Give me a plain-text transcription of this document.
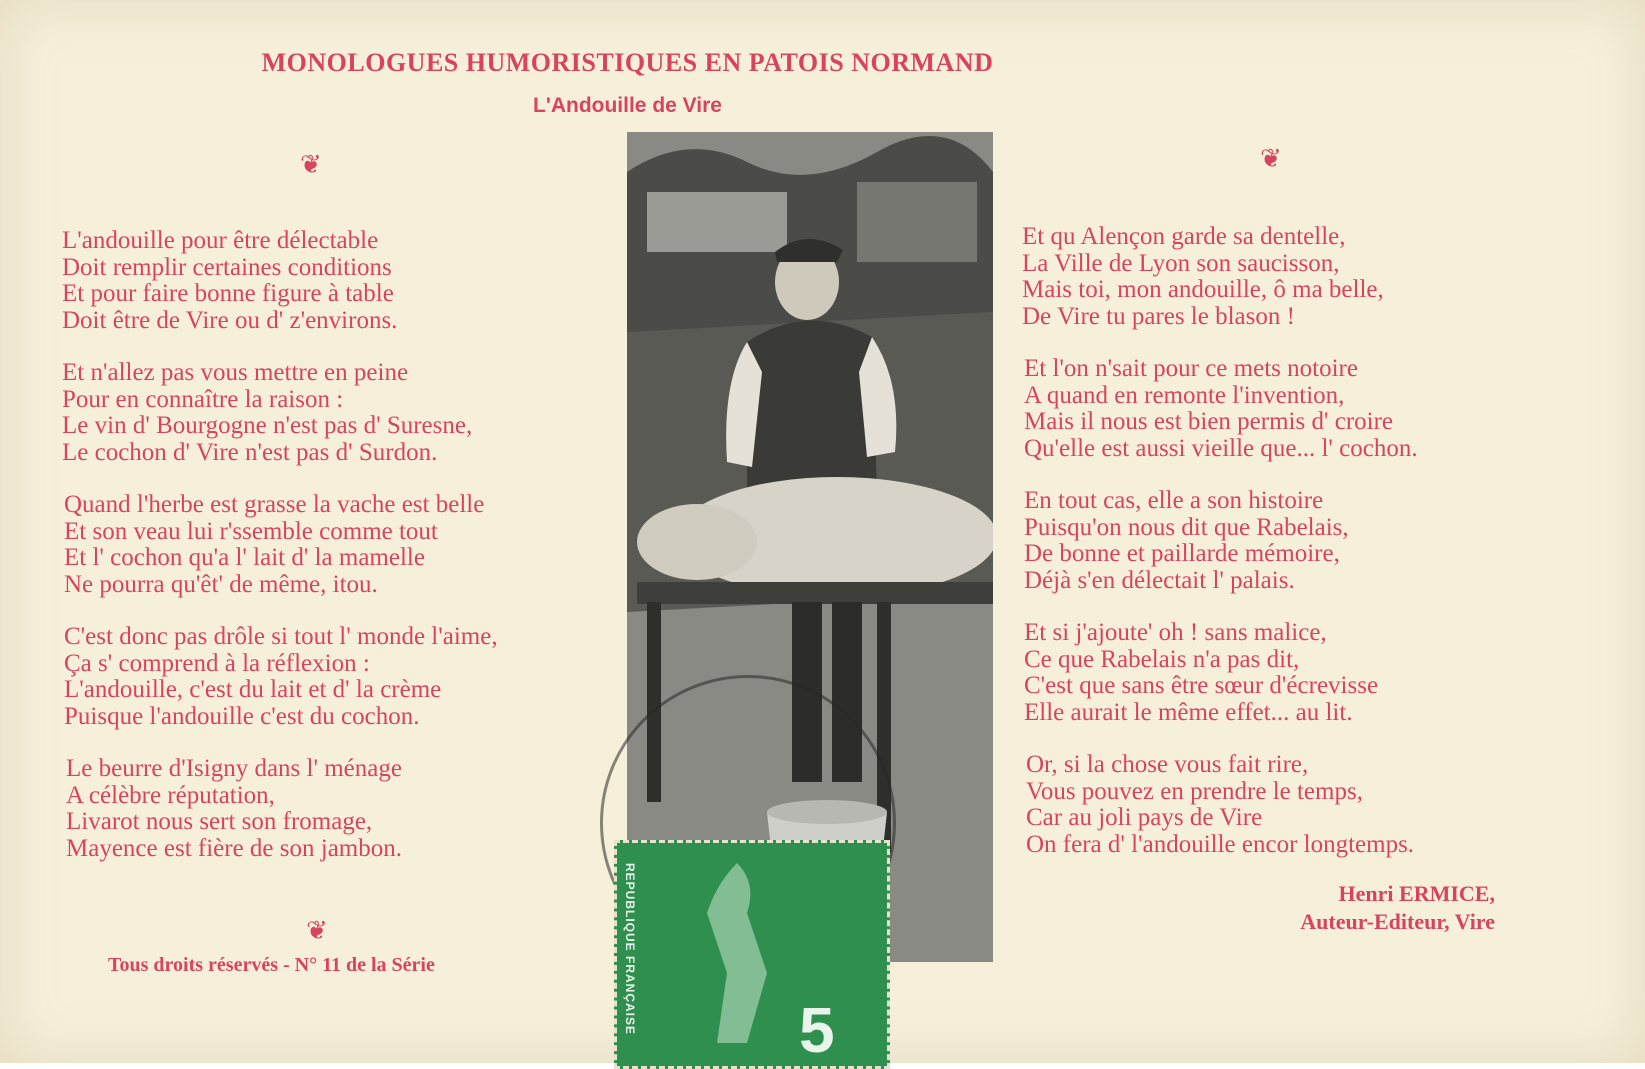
MONOLOGUES HUMORISTIQUES EN PATOIS NORMAND
L'Andouille de Vire
❦	❦
❦	REPUBLIQUE FRANÇAISE	5
L'andouille pour être délectable
Doit remplir certaines conditions
Et pour faire bonne figure à table
Doit être de Vire ou d' z'environs.
Et n'allez pas vous mettre en peine
Pour en connaître la raison :
Le vin d' Bourgogne n'est pas d' Suresne,
Le cochon d' Vire n'est pas d' Surdon.
Quand l'herbe est grasse la vache est belle
Et son veau lui r'ssemble comme tout
Et l' cochon qu'a l' lait d' la mamelle
Ne pourra qu'êt' de même, itou.
C'est donc pas drôle si tout l' monde l'aime,
Ça s' comprend à la réflexion :
L'andouille, c'est du lait et d' la crème
Puisque l'andouille c'est du cochon.
Le beurre d'Isigny dans l' ménage
A célèbre réputation,
Livarot nous sert son fromage,
Mayence est fière de son jambon.
Et qu Alençon garde sa dentelle,
La Ville de Lyon son saucisson,
Mais toi, mon andouille, ô ma belle,
De Vire tu pares le blason !
Et l'on n'sait pour ce mets notoire
A quand en remonte l'invention,
Mais il nous est bien permis d' croire
Qu'elle est aussi vieille que... l' cochon.
En tout cas, elle a son histoire
Puisqu'on nous dit que Rabelais,
De bonne et paillarde mémoire,
Déjà s'en délectait l' palais.
Et si j'ajoute' oh ! sans malice,
Ce que Rabelais n'a pas dit,
C'est que sans être sœur d'écrevisse
Elle aurait le même effet... au lit.
Or, si la chose vous fait rire,
Vous pouvez en prendre le temps,
Car au joli pays de Vire
On fera d' l'andouille encor longtemps.
Henri ERMICE,
Auteur-Editeur, Vire
Tous droits réservés - N° 11 de la Série
